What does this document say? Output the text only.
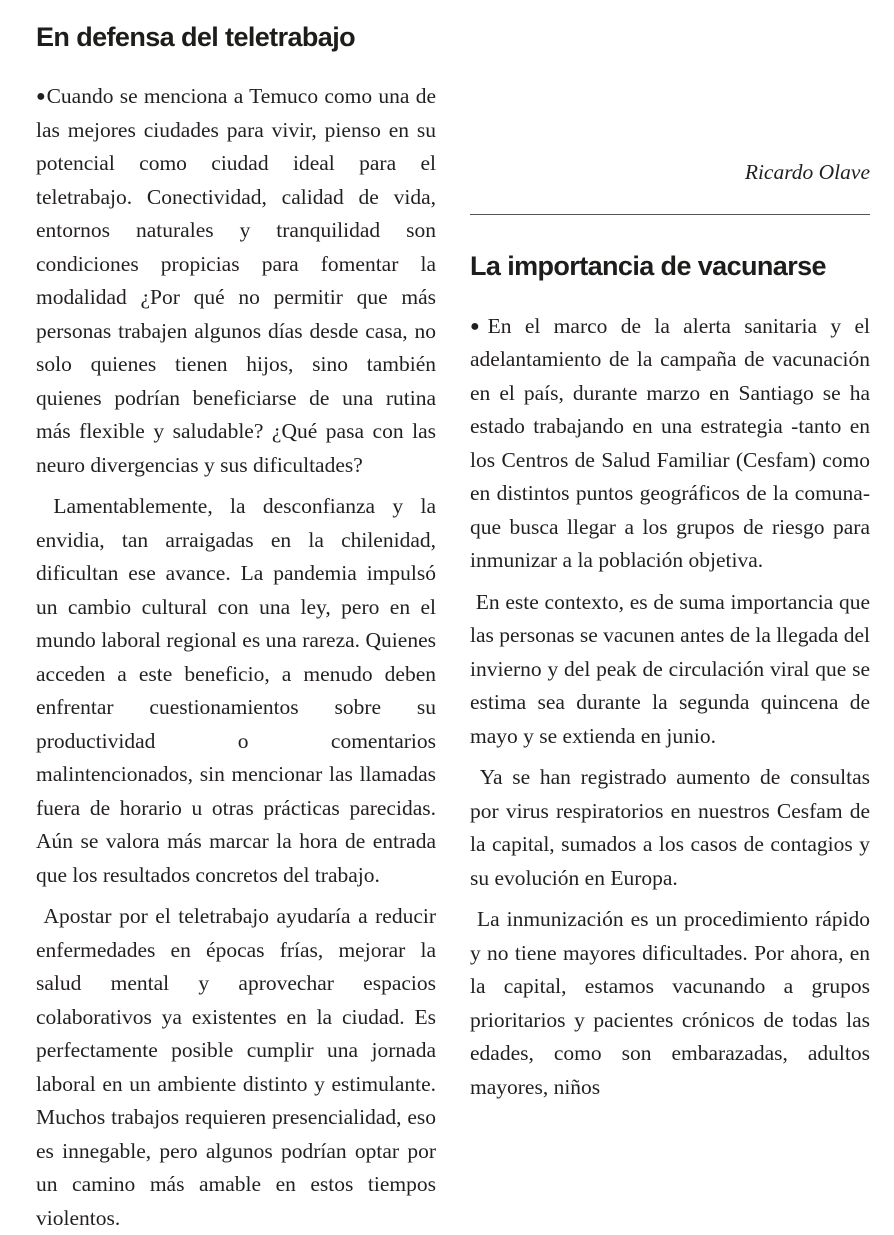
En defensa del teletrabajo

●Cuando se menciona a Temuco como una de las mejores ciudades para vivir, pienso en su potencial como ciudad ideal para el teletrabajo. Conectividad, calidad de vida, entornos naturales y tranquilidad son condiciones propicias para fomentar la modalidad ¿Por qué no permitir que más personas trabajen algunos días desde casa, no solo quienes tienen hijos, sino también quienes podrían beneficiarse de una rutina más flexible y saludable? ¿Qué pasa con las neuro divergencias y sus dificultades?

Lamentablemente, la desconfianza y la envidia, tan arraigadas en la chilenidad, dificultan ese avance. La pandemia impulsó un cambio cultural con una ley, pero en el mundo laboral regional es una rareza. Quienes acceden a este beneficio, a menudo deben enfrentar cuestionamientos sobre su productividad o comentarios malintencionados, sin mencionar las llamadas fuera de horario u otras prácticas parecidas. Aún se valora más marcar la hora de entrada que los resultados concretos del trabajo.

Apostar por el teletrabajo ayudaría a reducir enfermedades en épocas frías, mejorar la salud mental y aprovechar espacios colaborativos ya existentes en la ciudad. Es perfectamente posible cumplir una jornada laboral en un ambiente distinto y estimulante. Muchos trabajos requieren presencialidad, eso es innegable, pero algunos podrían optar por un camino más amable en estos tiempos violentos.

Ricardo Olave

La importancia de vacunarse

●En el marco de la alerta sanitaria y el adelantamiento de la campaña de vacunación en el país, durante marzo en Santiago se ha estado trabajando en una estrategia -tanto en los Centros de Salud Familiar (Cesfam) como en distintos puntos geográficos de la comuna- que busca llegar a los grupos de riesgo para inmunizar a la población objetiva.

En este contexto, es de suma importancia que las personas se vacunen antes de la llegada del invierno y del peak de circulación viral que se estima sea durante la segunda quincena de mayo y se extienda en junio.

Ya se han registrado aumento de consultas por virus respiratorios en nuestros Cesfam de la capital, sumados a los casos de contagios y su evolución en Europa.

La inmunización es un procedimiento rápido y no tiene mayores dificultades. Por ahora, en la capital, estamos vacunando a grupos prioritarios y pacientes crónicos de todas las edades, como son embarazadas, adultos mayores, niños
